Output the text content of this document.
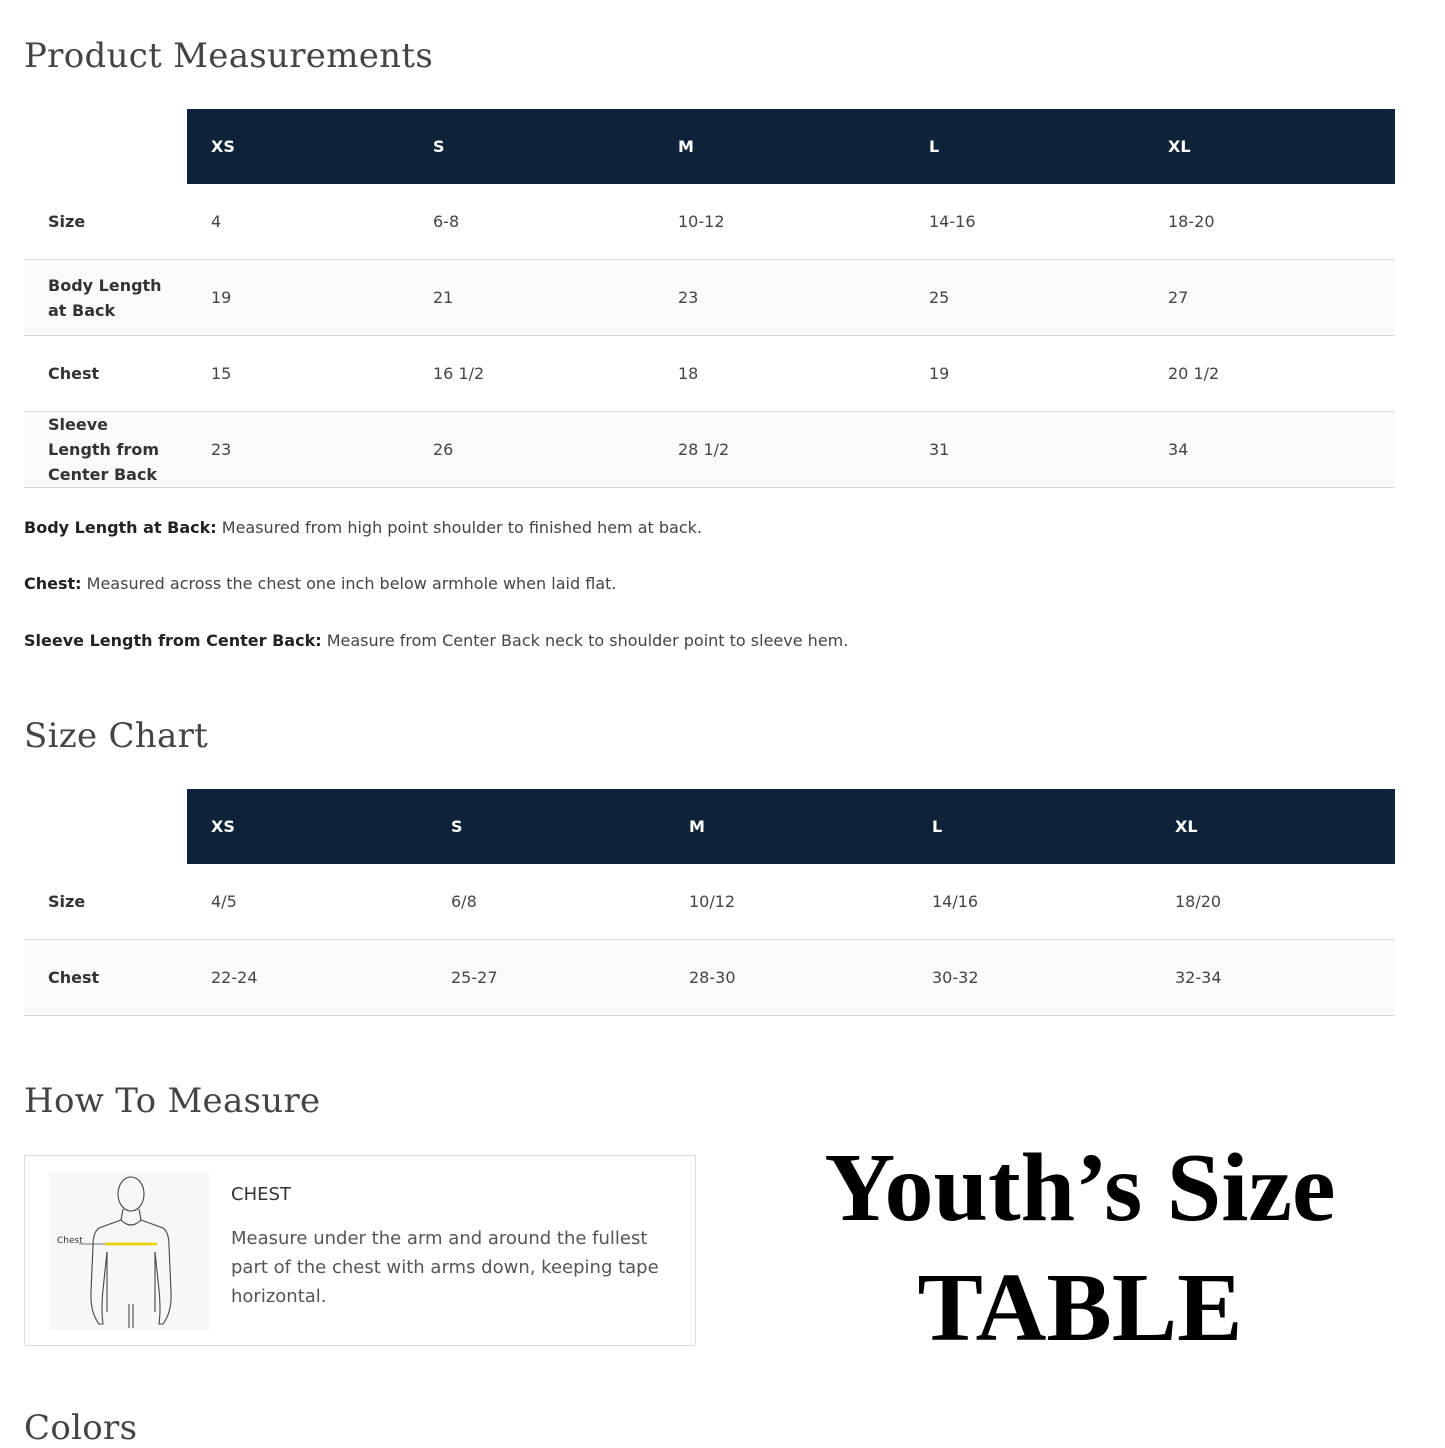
Product Measurements
	XS	S	M	L	XL
Size	4	6-8	10-12	14-16	18-20
Body Length at Back	19	21	23	25	27
Chest	15	16 1/2	18	19	20 1/2
Sleeve Length from Center Back	23	26	28 1/2	31	34

Body Length at Back: Measured from high point shoulder to finished hem at back.

Chest: Measured across the chest one inch below armhole when laid flat.

Sleeve Length from Center Back: Measure from Center Back neck to shoulder point to sleeve hem.

Size Chart
	XS	S	M	L	XL
Size	4/5	6/8	10/12	14/16	18/20
Chest	22-24	25-27	28-30	30-32	32-34
How To Measure
Chest

CHEST

Measure under the arm and around the fullest part of the chest with arms down, keeping tape horizontal.

Youth’s Size
TABLE
Colors
